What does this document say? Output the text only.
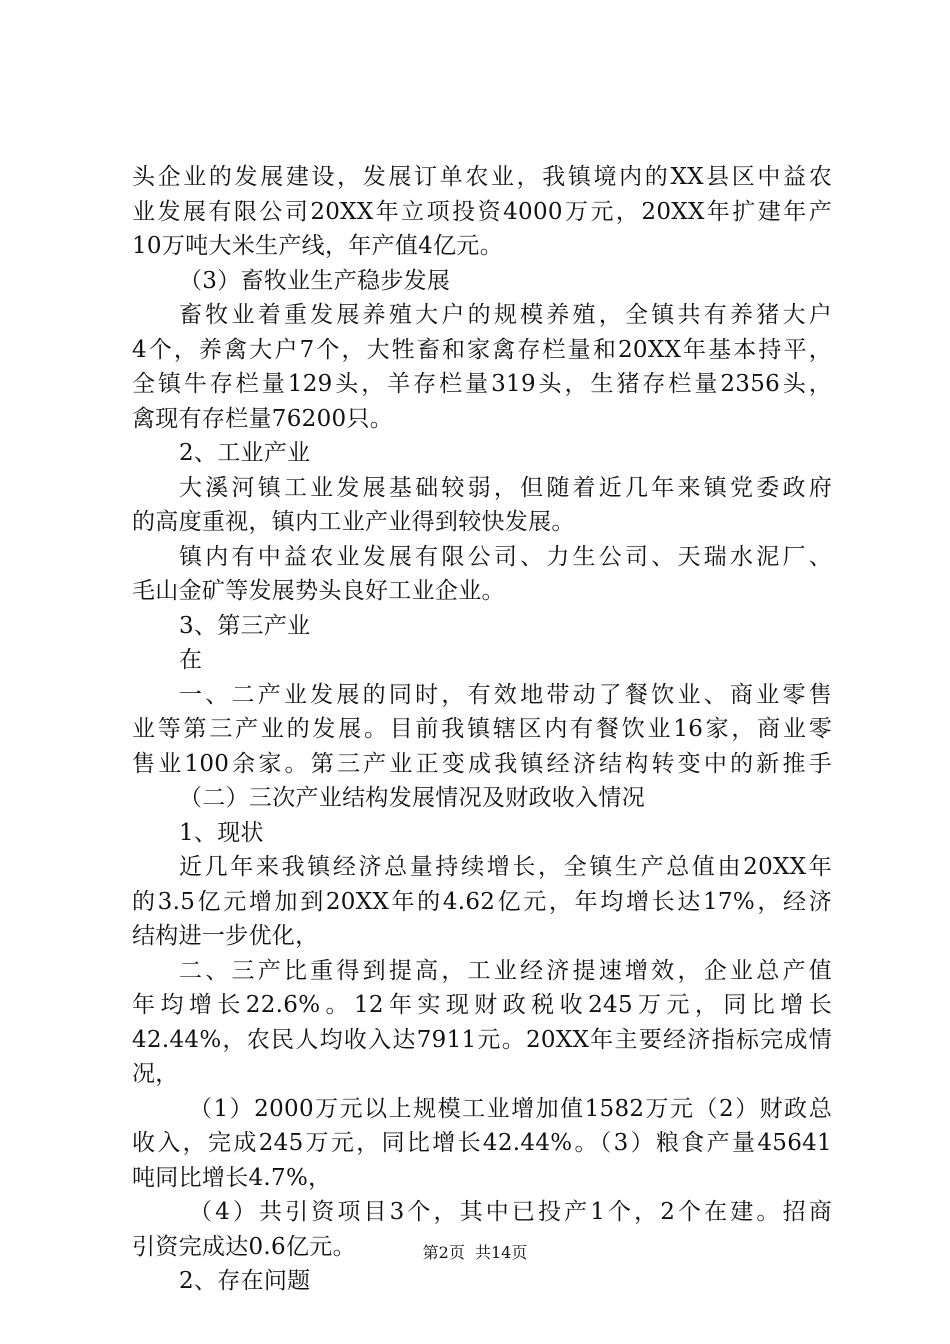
头企业的发展建设，发展订单农业，我镇境内的XX县区中益农
业发展有限公司20XX年立项投资4000万元，20XX年扩建年产
10万吨大米生产线，年产值4亿元。
（3）畜牧业生产稳步发展
畜牧业着重发展养殖大户的规模养殖，全镇共有养猪大户
4个，养禽大户7个，大牲畜和家禽存栏量和20XX年基本持平，
全镇牛存栏量129头，羊存栏量319头，生猪存栏量2356头，
禽现有存栏量76200只。
2、工业产业
大溪河镇工业发展基础较弱，但随着近几年来镇党委政府
的高度重视，镇内工业产业得到较快发展。
镇内有中益农业发展有限公司、力生公司、天瑞水泥厂、
毛山金矿等发展势头良好工业企业。
3、第三产业
在
一、二产业发展的同时，有效地带动了餐饮业、商业零售
业等第三产业的发展。目前我镇辖区内有餐饮业16家，商业零
售业100余家。第三产业正变成我镇经济结构转变中的新推手
（二）三次产业结构发展情况及财政收入情况
1、现状
近几年来我镇经济总量持续增长，全镇生产总值由20XX年
的3.5亿元增加到20XX年的4.62亿元，年均增长达17%，经济
结构进一步优化，
二、三产比重得到提高，工业经济提速增效，企业总产值
年均增长22.6%。12年实现财政税收245万元，同比增长
42.44%，农民人均收入达7911元。20XX年主要经济指标完成情
况，
（1）2000万元以上规模工业增加值1582万元（2）财政总
收入，完成245万元，同比增长42.44%。（3）粮食产量45641
吨同比增长4.7%，
（4）共引资项目3个，其中已投产1个，2个在建。招商
引资完成达0.6亿元。
2、存在问题
第2页  共14页
